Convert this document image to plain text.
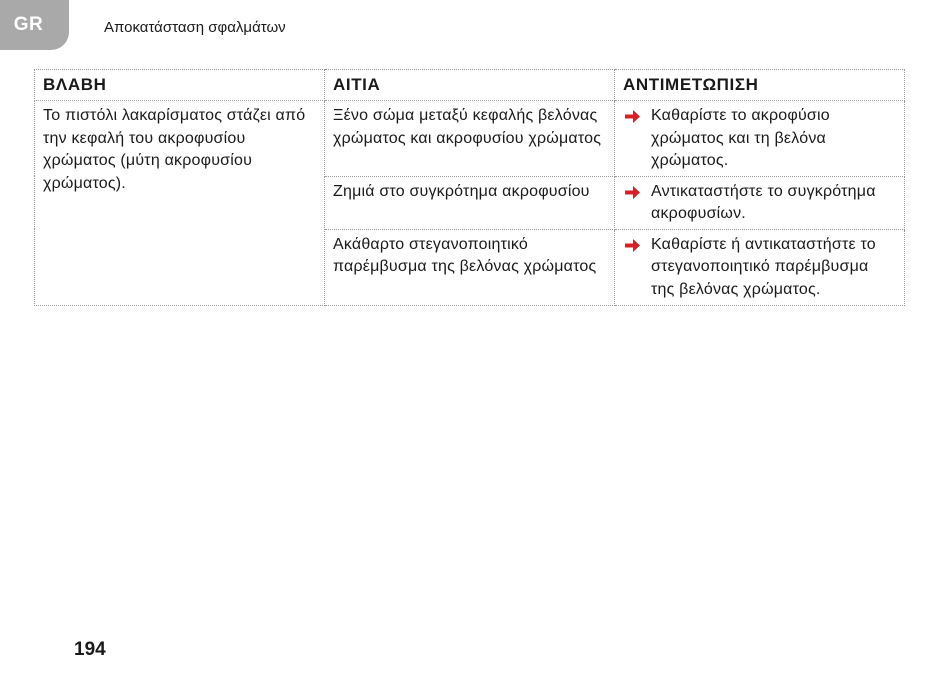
GR	Αποκατάσταση σφαλμάτων
ΒΛΑΒΗ	ΑΙΤΙΑ	ΑΝΤΙΜΕΤΩΠΙΣΗ
Το πιστόλι λακαρίσματος στάζει από την κεφαλή του ακροφυσίου χρώματος (μύτη ακροφυσίου χρώματος).	Ξένο σώμα μεταξύ κεφαλής βελόνας χρώματος και ακροφυσίου χρώματος	Καθαρίστε το ακροφύσιο χρώματος και τη βελόνα χρώματος.

	Ζημιά στο συγκρότημα ακροφυσίου	Αντικαταστήστε το συγκρότημα ακροφυσίων.

	Ακάθαρτο στεγανοποιητικό παρέμβυσμα της βελόνας χρώματος	Καθαρίστε ή αντικαταστήστε το στεγανοποιητικό παρέμβυσμα της βελόνας χρώματος.
194
